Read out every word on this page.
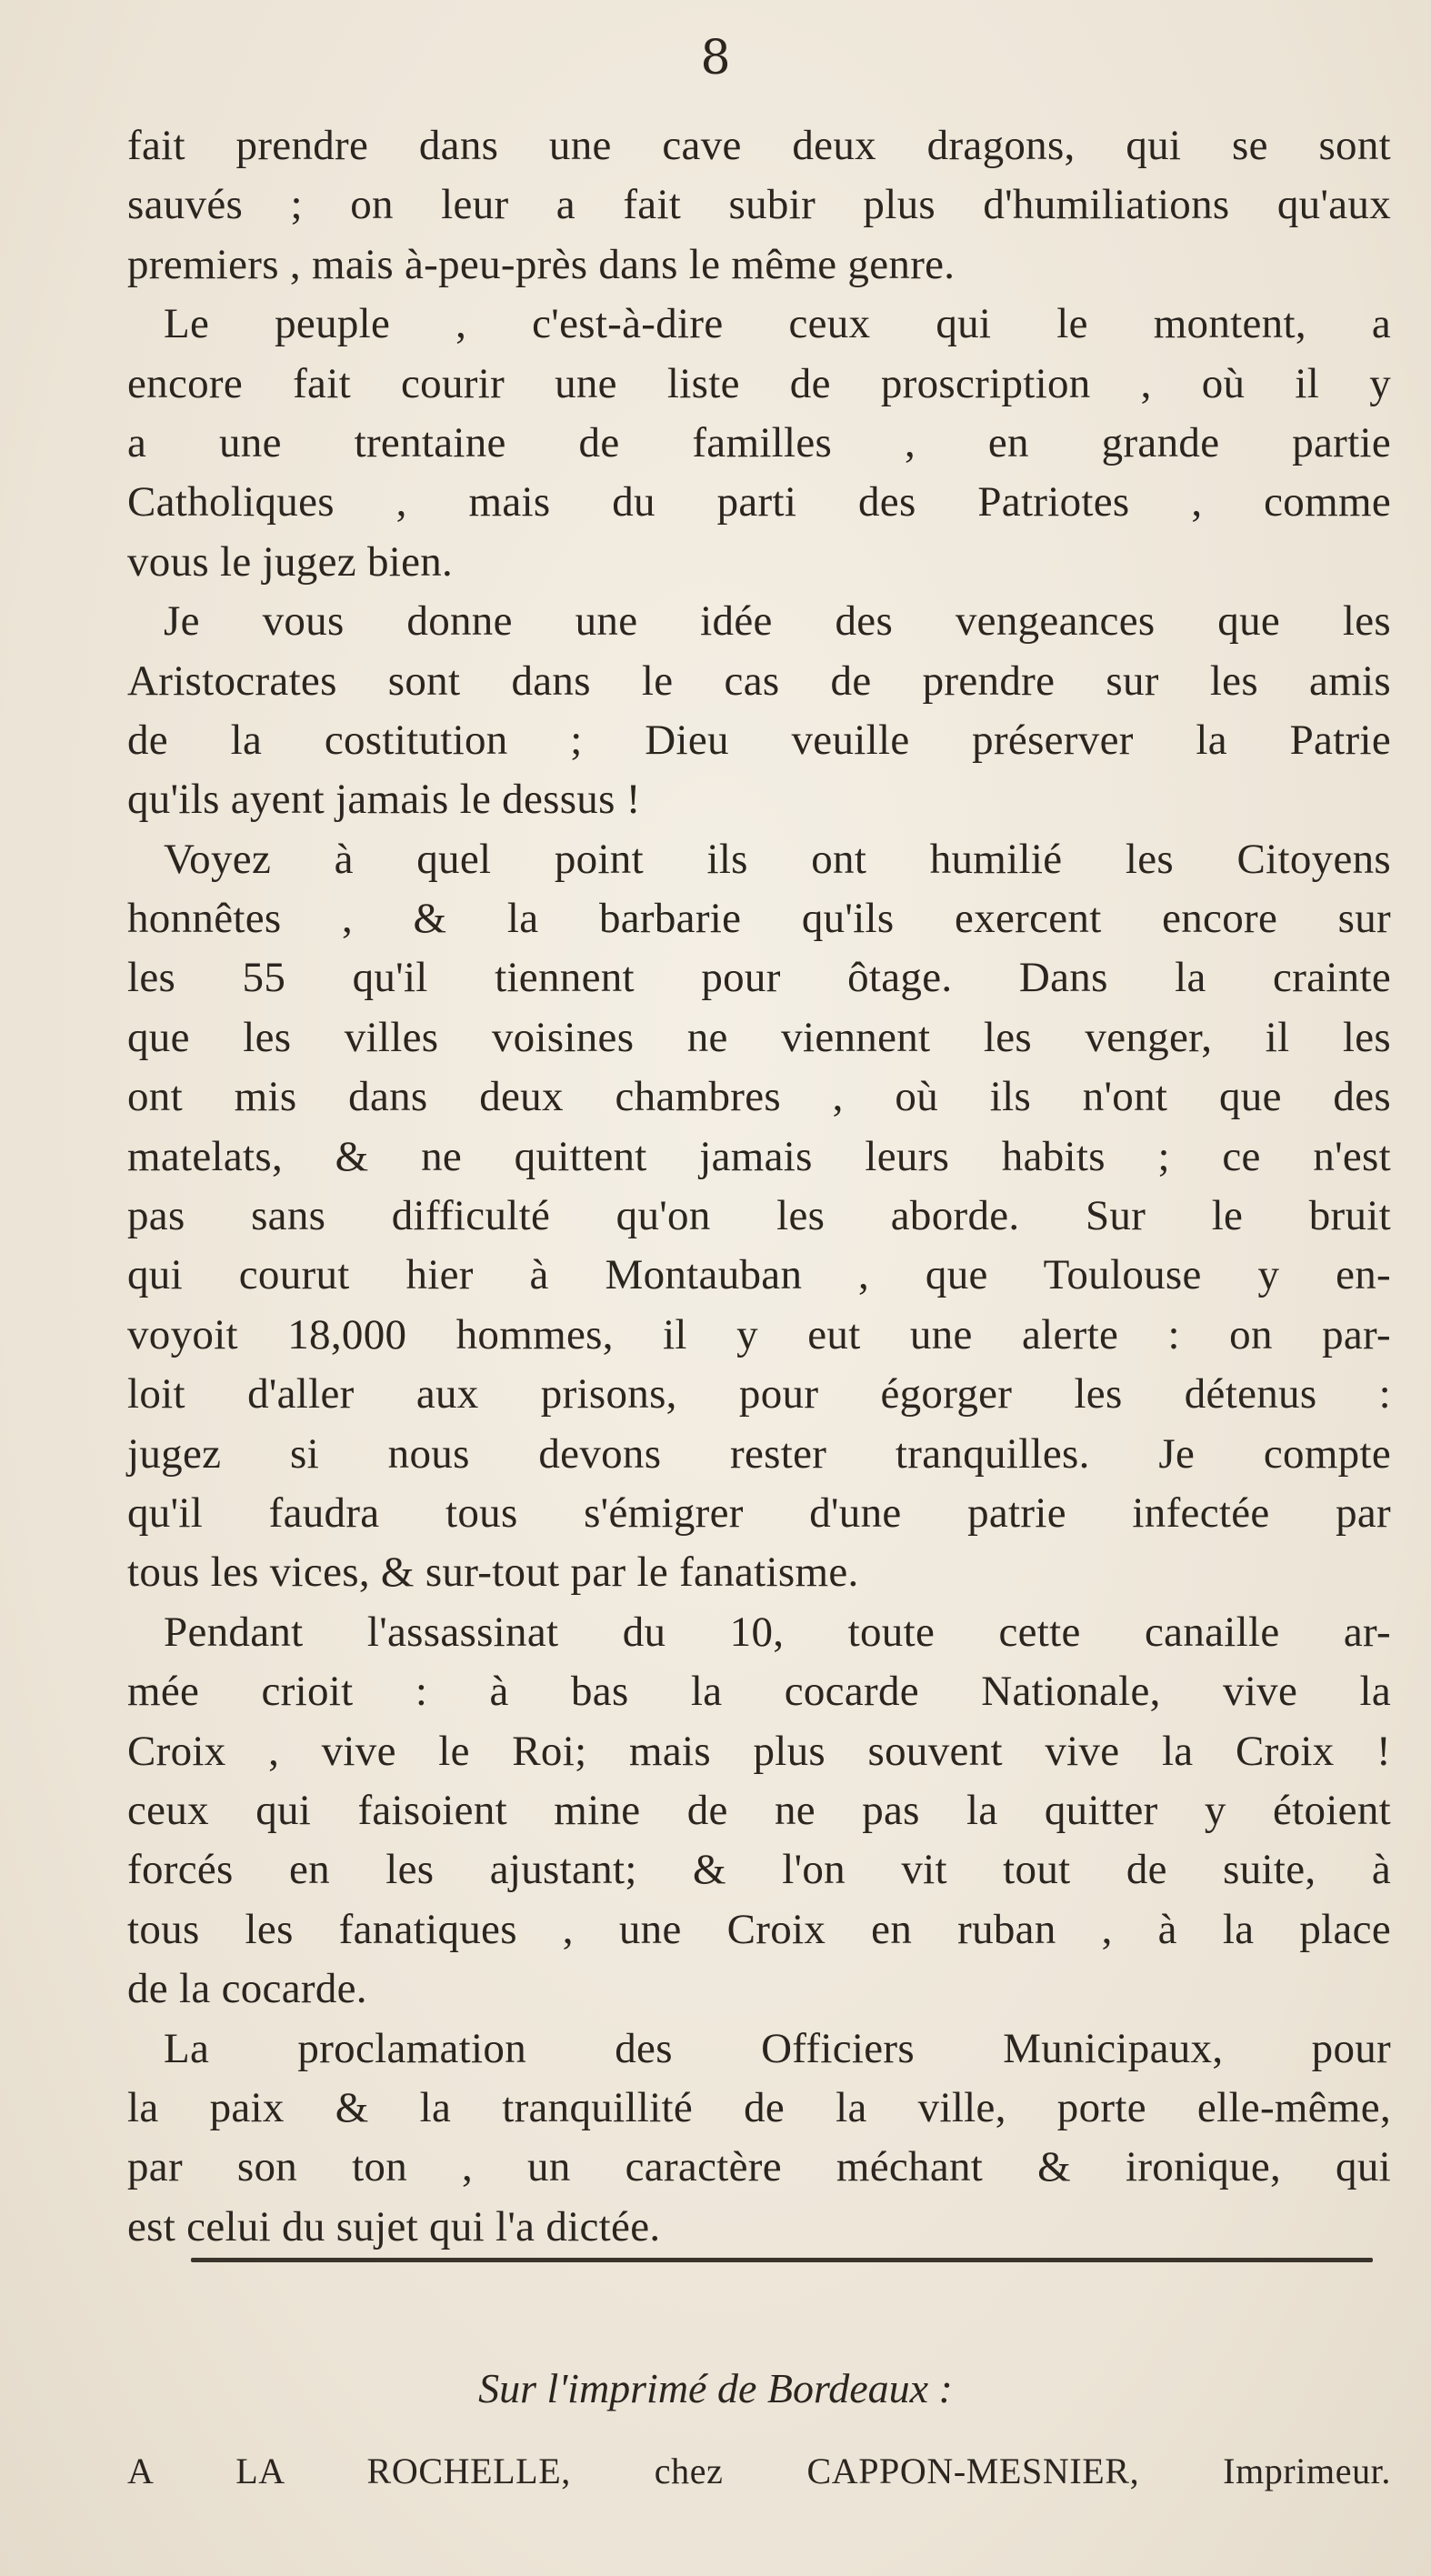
8
fait prendre dans une cave deux dragons, qui se sont
sauvés ; on leur a fait subir plus d'humiliations qu'aux
premiers , mais à-peu-près dans le même genre.
Le peuple , c'est-à-dire ceux qui le montent, a
encore fait courir une liste de proscription , où il y
a une trentaine de familles , en grande partie
Catholiques , mais du parti des Patriotes , comme
vous le jugez bien.
Je vous donne une idée des vengeances que les
Aristocrates sont dans le cas de prendre sur les amis
de la costitution ; Dieu veuille préserver la Patrie
qu'ils ayent jamais le dessus !
Voyez à quel point ils ont humilié les Citoyens
honnêtes , & la barbarie qu'ils exercent encore sur
les 55 qu'il tiennent pour ôtage. Dans la crainte
que les villes voisines ne viennent les venger, il les
ont mis dans deux chambres , où ils n'ont que des
matelats, & ne quittent jamais leurs habits ; ce n'est
pas sans difficulté qu'on les aborde. Sur le bruit
qui courut hier à Montauban , que Toulouse y en-
voyoit 18,000 hommes, il y eut une alerte : on par-
loit d'aller aux prisons, pour égorger les détenus :
jugez si nous devons rester tranquilles. Je compte
qu'il faudra tous s'émigrer d'une patrie infectée par
tous les vices, & sur-tout par le fanatisme.
Pendant l'assassinat du 10, toute cette canaille ar-
mée crioit : à bas la cocarde Nationale, vive la
Croix , vive le Roi; mais plus souvent vive la Croix !
ceux qui faisoient mine de ne pas la quitter y étoient
forcés en les ajustant; & l'on vit tout de suite, à
tous les fanatiques , une Croix en ruban , à la place
de la cocarde.
La proclamation des Officiers Municipaux, pour
la paix & la tranquillité de la ville, porte elle-même,
par son ton , un caractère méchant & ironique, qui
est celui du sujet qui l'a dictée.
Sur l'imprimé de Bordeaux :
A LA ROCHELLE, chez CAPPON-MESNIER, Imprimeur.
